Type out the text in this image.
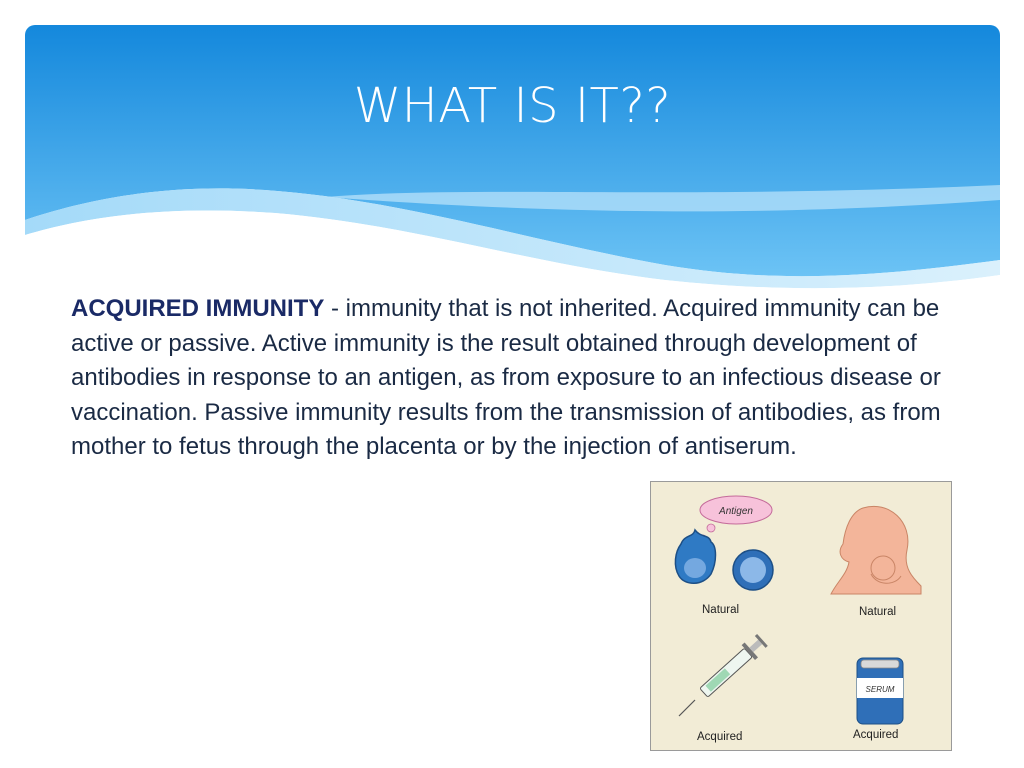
WHAT IS IT??

ACQUIRED IMMUNITY - immunity that is not inherited. Acquired immunity can be active or passive. Active immunity is the result obtained through development of antibodies in response to an antigen, as from exposure to an infectious disease or vaccination. Passive immunity results from the transmission of antibodies, as from mother to fetus through the placenta or by the injection of antiserum.

Antigen
SERUM
Natural	Natural
Acquired	Acquired
